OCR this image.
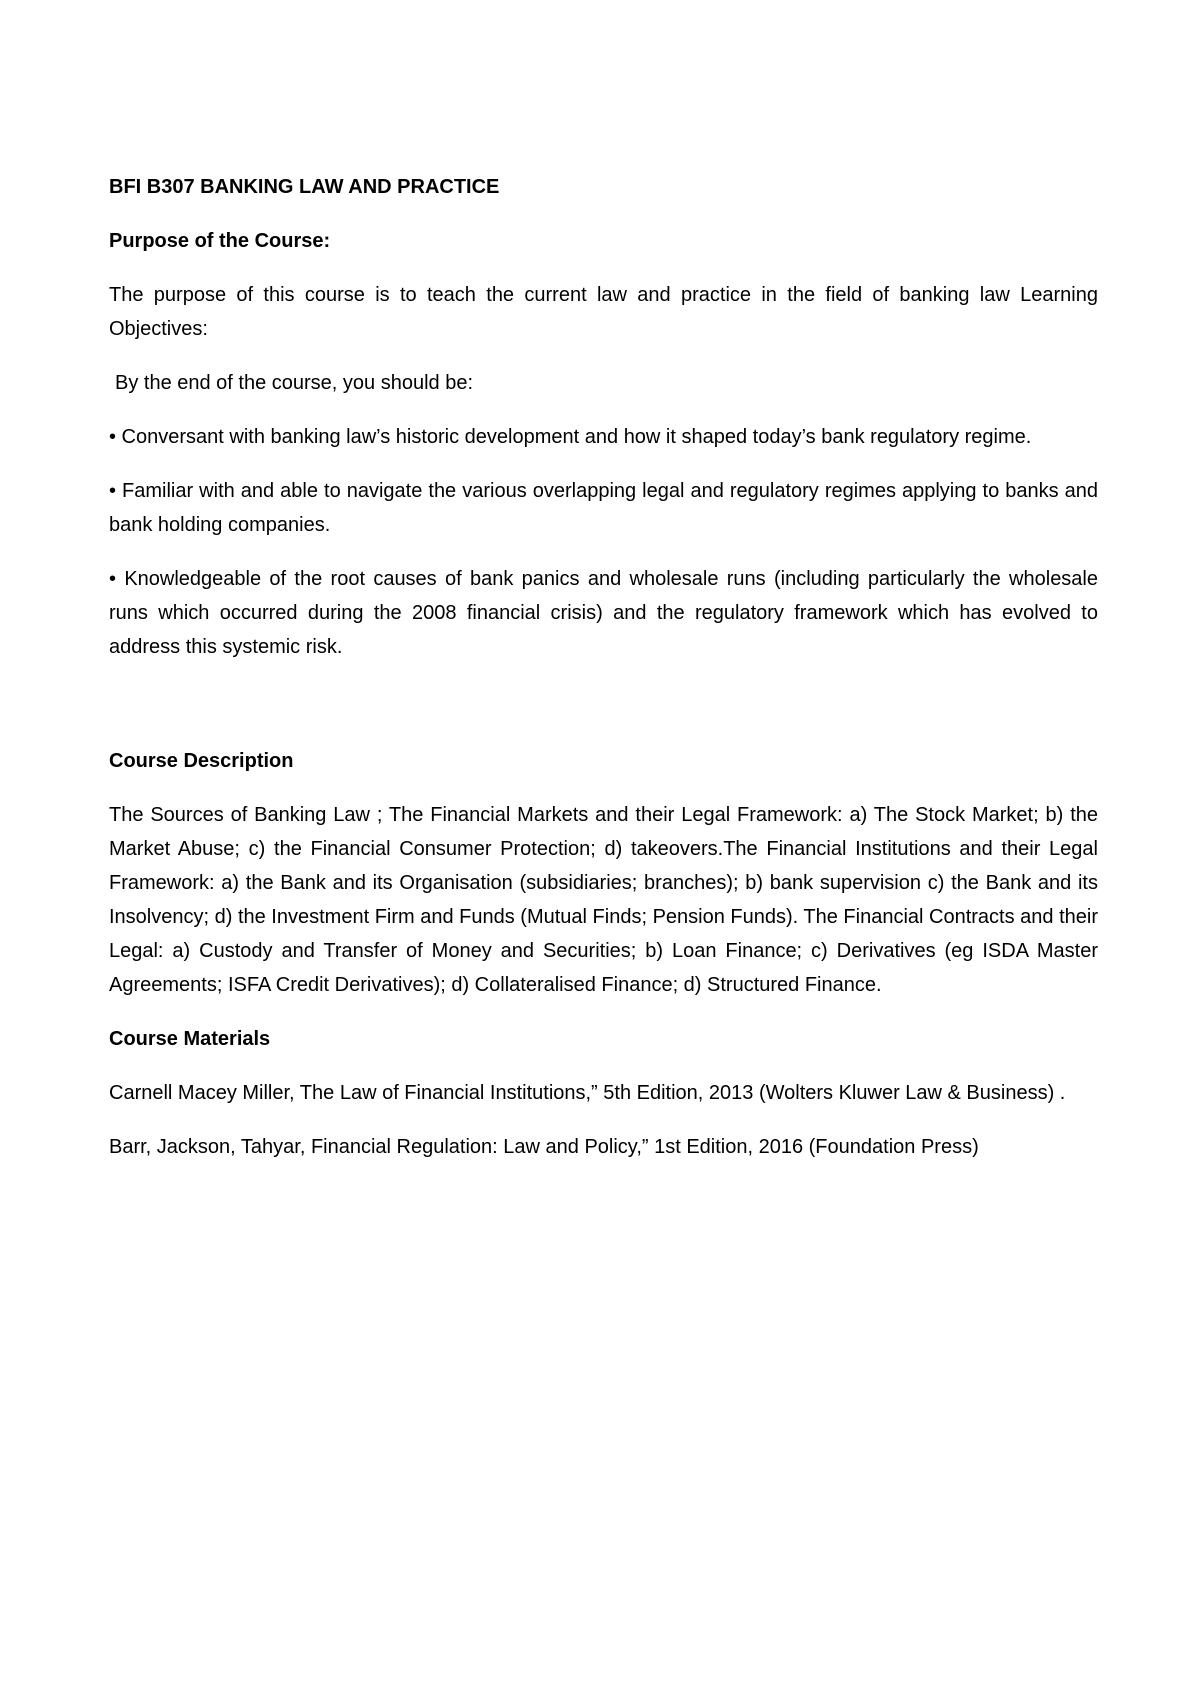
BFI B307 BANKING LAW AND PRACTICE
Purpose of the Course:
The purpose of this course is to teach the current law and practice in the field of banking law Learning Objectives:
By the end of the course, you should be:
• Conversant with banking law’s historic development and how it shaped today’s bank regulatory regime.
• Familiar with and able to navigate the various overlapping legal and regulatory regimes applying to banks and bank holding companies.
• Knowledgeable of the root causes of bank panics and wholesale runs (including particularly the wholesale runs which occurred during the 2008 financial crisis) and the regulatory framework which has evolved to address this systemic risk.
Course Description
The Sources of Banking Law ; The Financial Markets and their Legal Framework: a) The Stock Market; b) the Market Abuse; c) the Financial Consumer Protection; d) takeovers.The Financial Institutions and their Legal Framework: a) the Bank and its Organisation (subsidiaries; branches); b) bank supervision c) the Bank and its Insolvency; d) the Investment Firm and Funds (Mutual Finds; Pension Funds). The Financial Contracts and their Legal: a) Custody and Transfer of Money and Securities; b) Loan Finance; c) Derivatives (eg ISDA Master Agreements; ISFA Credit Derivatives); d) Collateralised Finance; d) Structured Finance.
Course Materials
Carnell Macey Miller, The Law of Financial Institutions,” 5th Edition, 2013 (Wolters Kluwer Law & Business) .
Barr, Jackson, Tahyar, Financial Regulation: Law and Policy,” 1st Edition, 2016 (Foundation Press)
